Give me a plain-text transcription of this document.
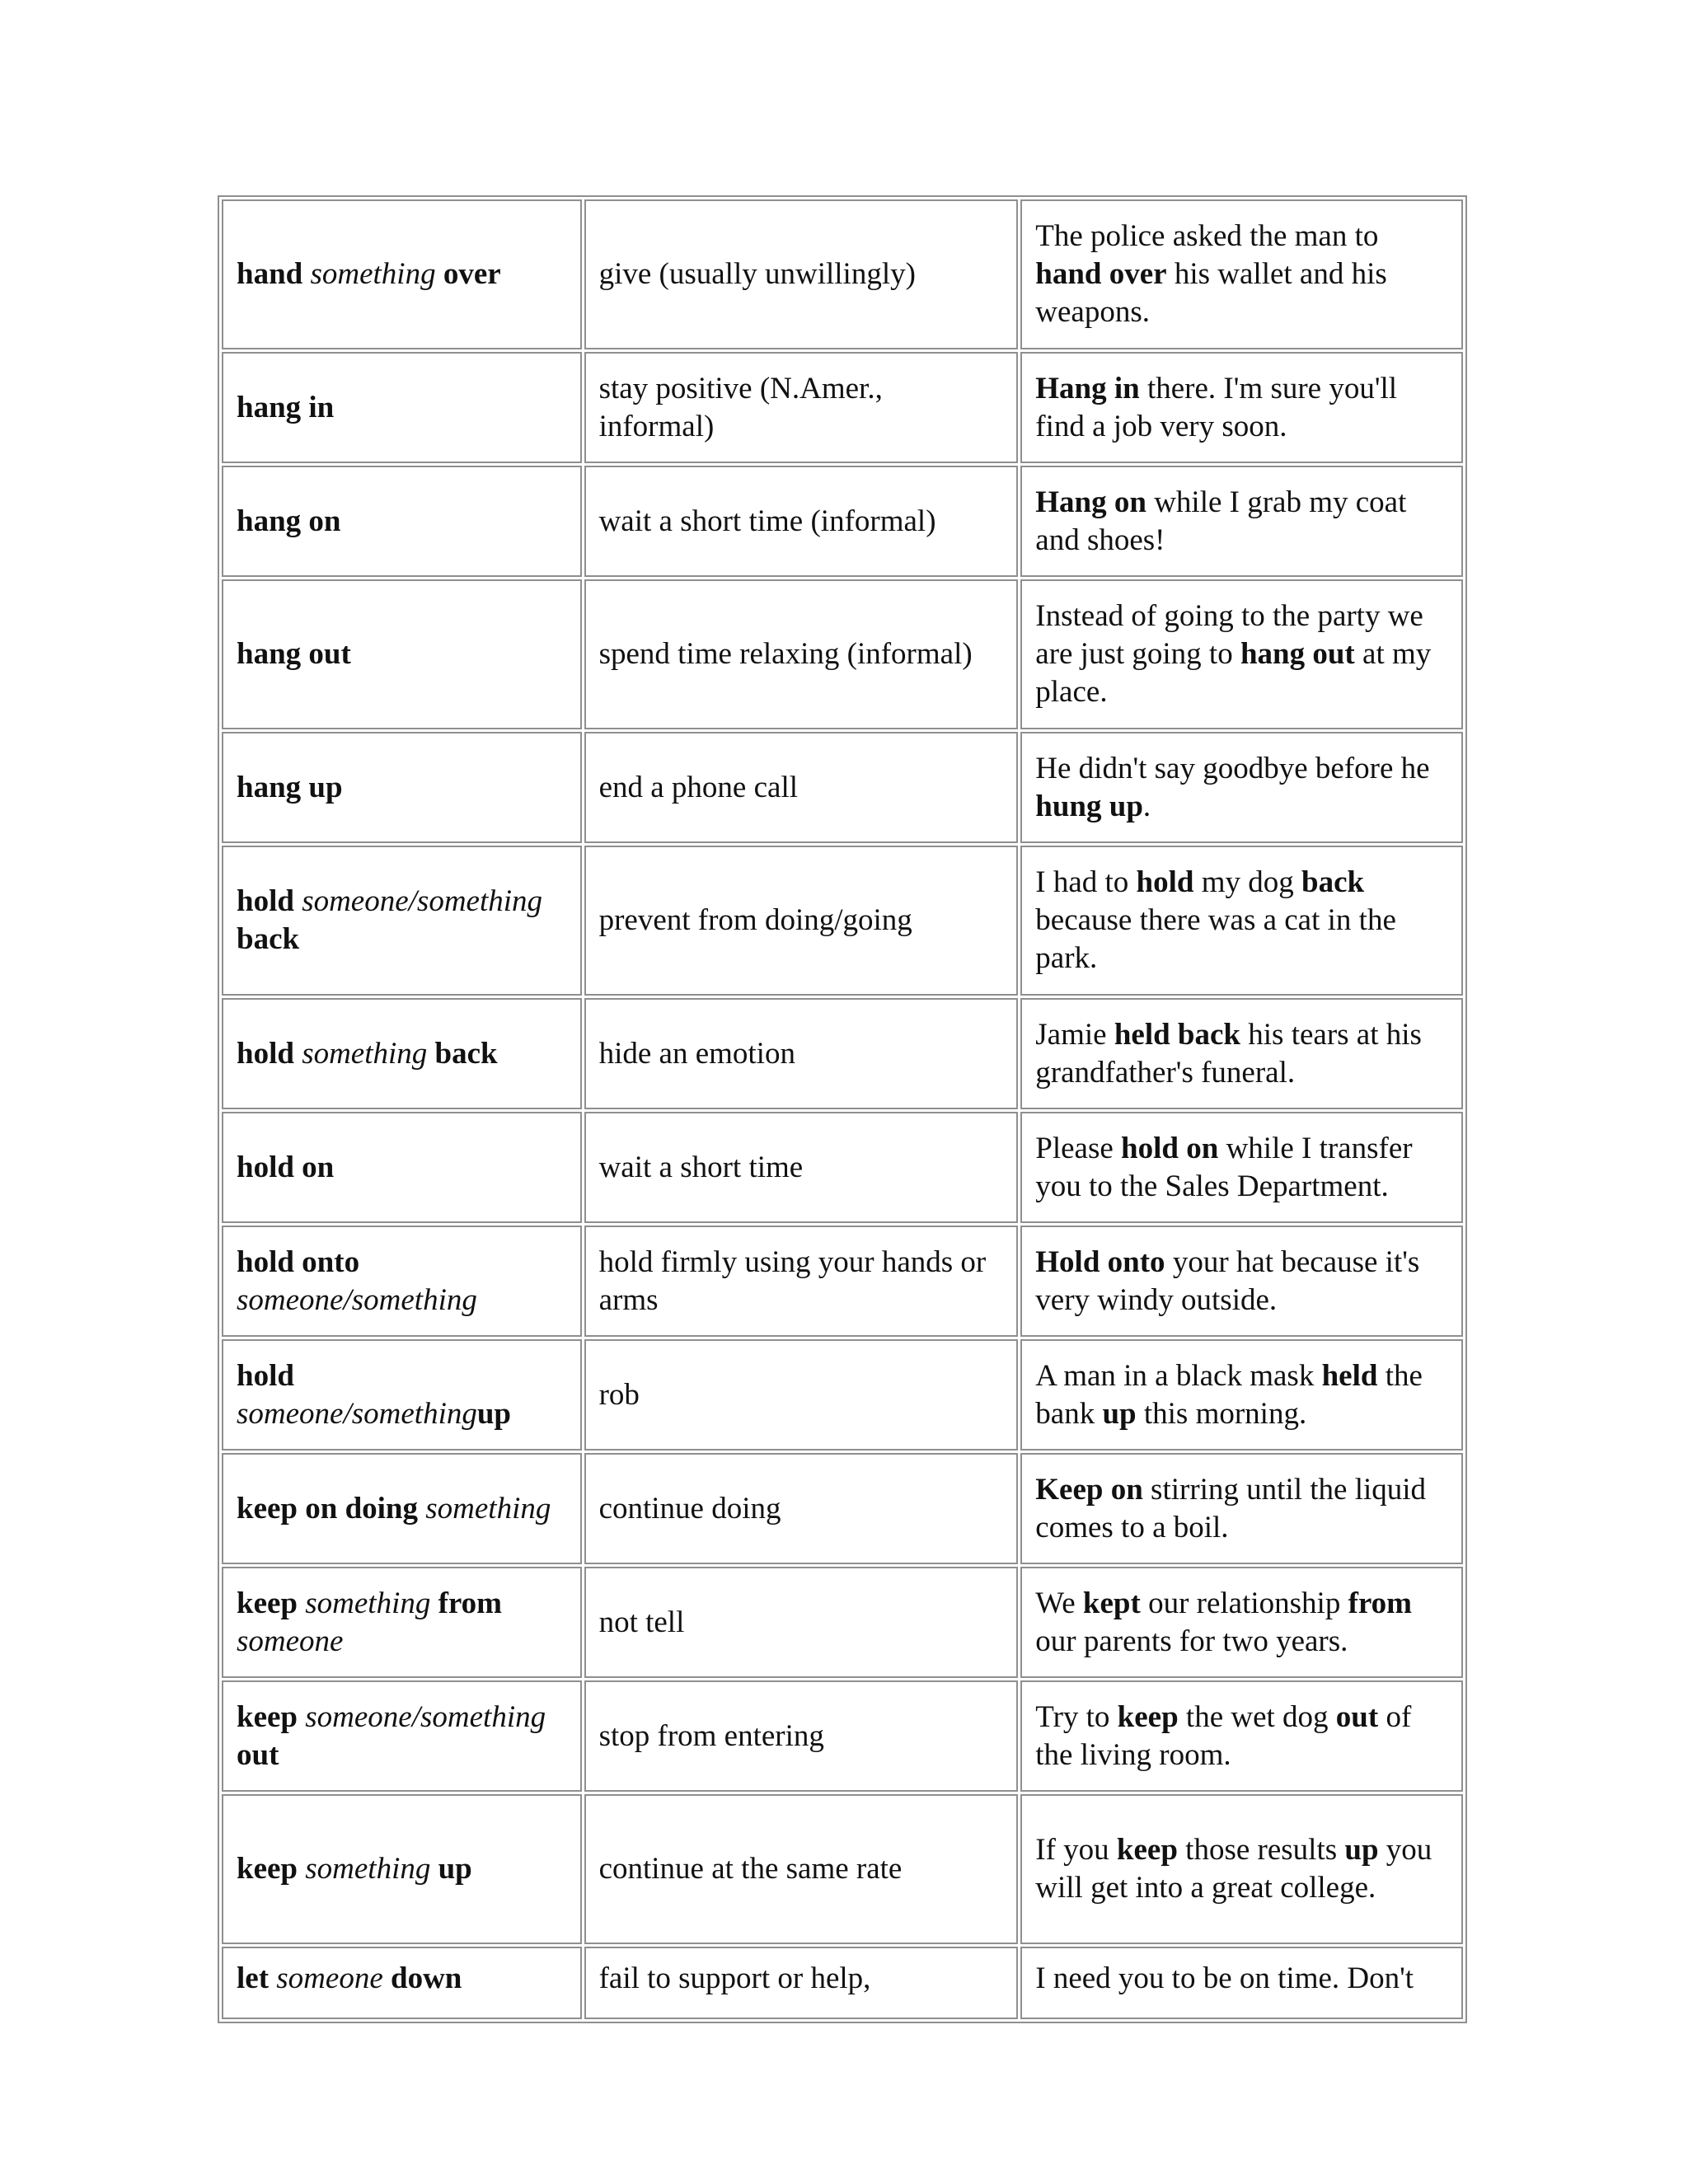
hand something over	give (usually unwillingly)	The police asked the man to hand over his wallet and his weapons.
hang in	stay positive (N.Amer., informal)	Hang in there. I'm sure you'll find a job very soon.
hang on	wait a short time (informal)	Hang on while I grab my coat and shoes!
hang out	spend time relaxing (informal)	Instead of going to the party we are just going to hang out at my place.
hang up	end a phone call	He didn't say goodbye before he hung up.
hold someone/something back	prevent from doing/going	I had to hold my dog back because there was a cat in the park.
hold something back	hide an emotion	Jamie held back his tears at his grandfather's funeral.
hold on	wait a short time	Please hold on while I transfer you to the Sales Department.
hold onto someone/something	hold firmly using your hands or arms	Hold onto your hat because it's very windy outside.
hold someone/somethingup	rob	A man in a black mask held the bank up this morning.
keep on doing something	continue doing	Keep on stirring until the liquid comes to a boil.
keep something from someone	not tell	We kept our relationship from our parents for two years.
keep someone/something out	stop from entering	Try to keep the wet dog out of the living room.
keep something up	continue at the same rate	If you keep those results up you will get into a great college.
let someone down	fail to support or help,	I need you to be on time. Don't
